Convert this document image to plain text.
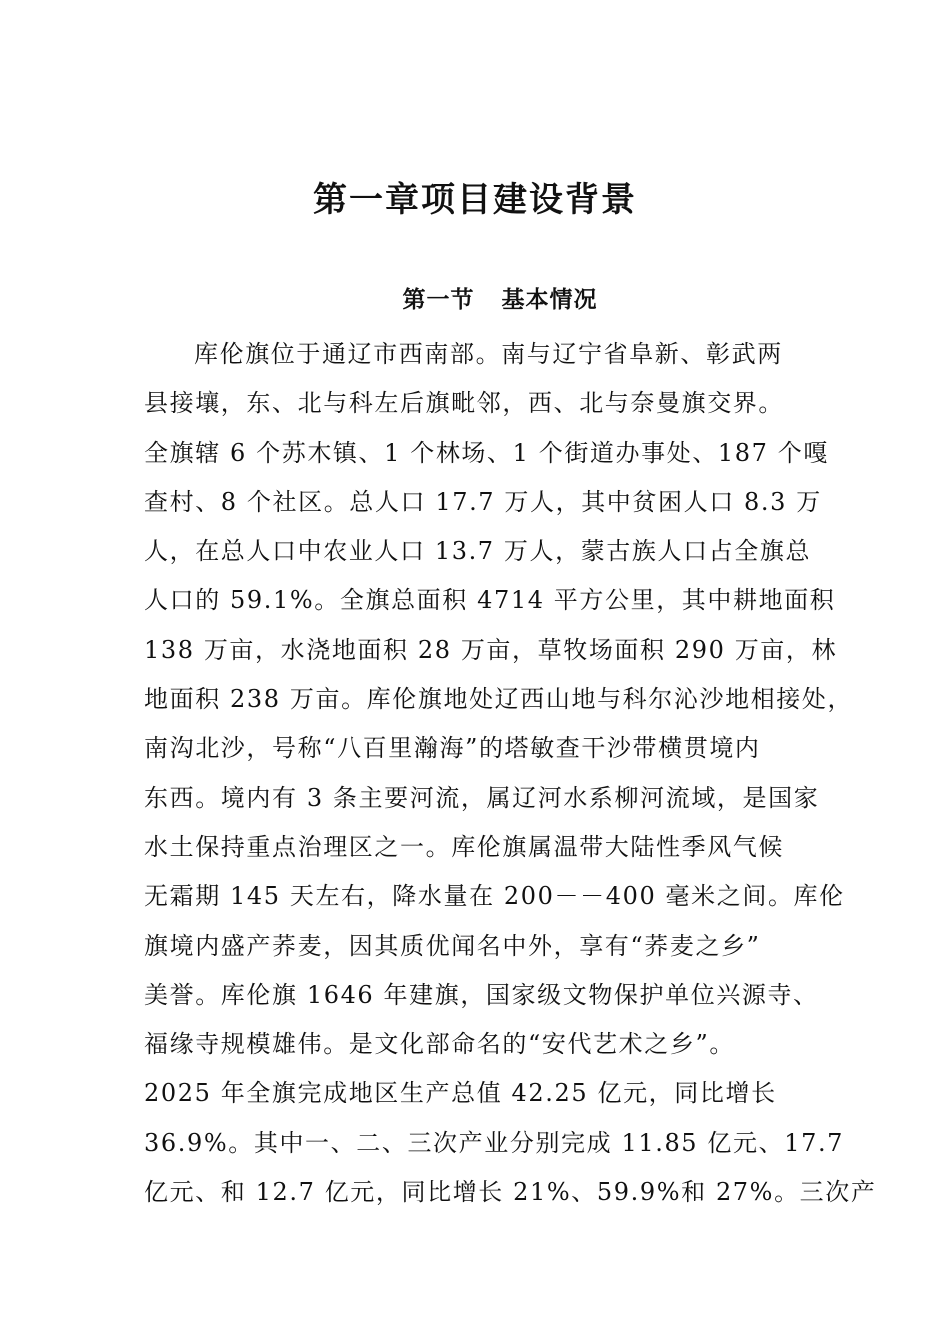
第一章项目建设背景
第一节   基本情况
库伦旗位于通辽市西南部。南与辽宁省阜新、彰武两
县接壤，东、北与科左后旗毗邻，西、北与奈曼旗交界。
全旗辖 6 个苏木镇、1 个林场、1 个街道办事处、187 个嘎
查村、8 个社区。总人口 17.7 万人，其中贫困人口 8.3 万
人，在总人口中农业人口 13.7 万人，蒙古族人口占全旗总
人口的 59.1%。全旗总面积 4714 平方公里，其中耕地面积
138 万亩，水浇地面积 28 万亩，草牧场面积 290 万亩，林
地面积 238 万亩。库伦旗地处辽西山地与科尔沁沙地相接处，
南沟北沙，号称“八百里瀚海”的塔敏查干沙带横贯境内
东西。境内有 3 条主要河流，属辽河水系柳河流域，是国家
水土保持重点治理区之一。库伦旗属温带大陆性季风气候
无霜期 145 天左右，降水量在 200－－400 毫米之间。库伦
旗境内盛产荞麦，因其质优闻名中外，享有“荞麦之乡”
美誉。库伦旗 1646 年建旗，国家级文物保护单位兴源寺、
福缘寺规模雄伟。是文化部命名的“安代艺术之乡”。
2025 年全旗完成地区生产总值 42.25 亿元，同比增长
36.9%。其中一、二、三次产业分别完成 11.85 亿元、17.7
亿元、和 12.7 亿元，同比增长 21%、59.9%和 27%。三次产
